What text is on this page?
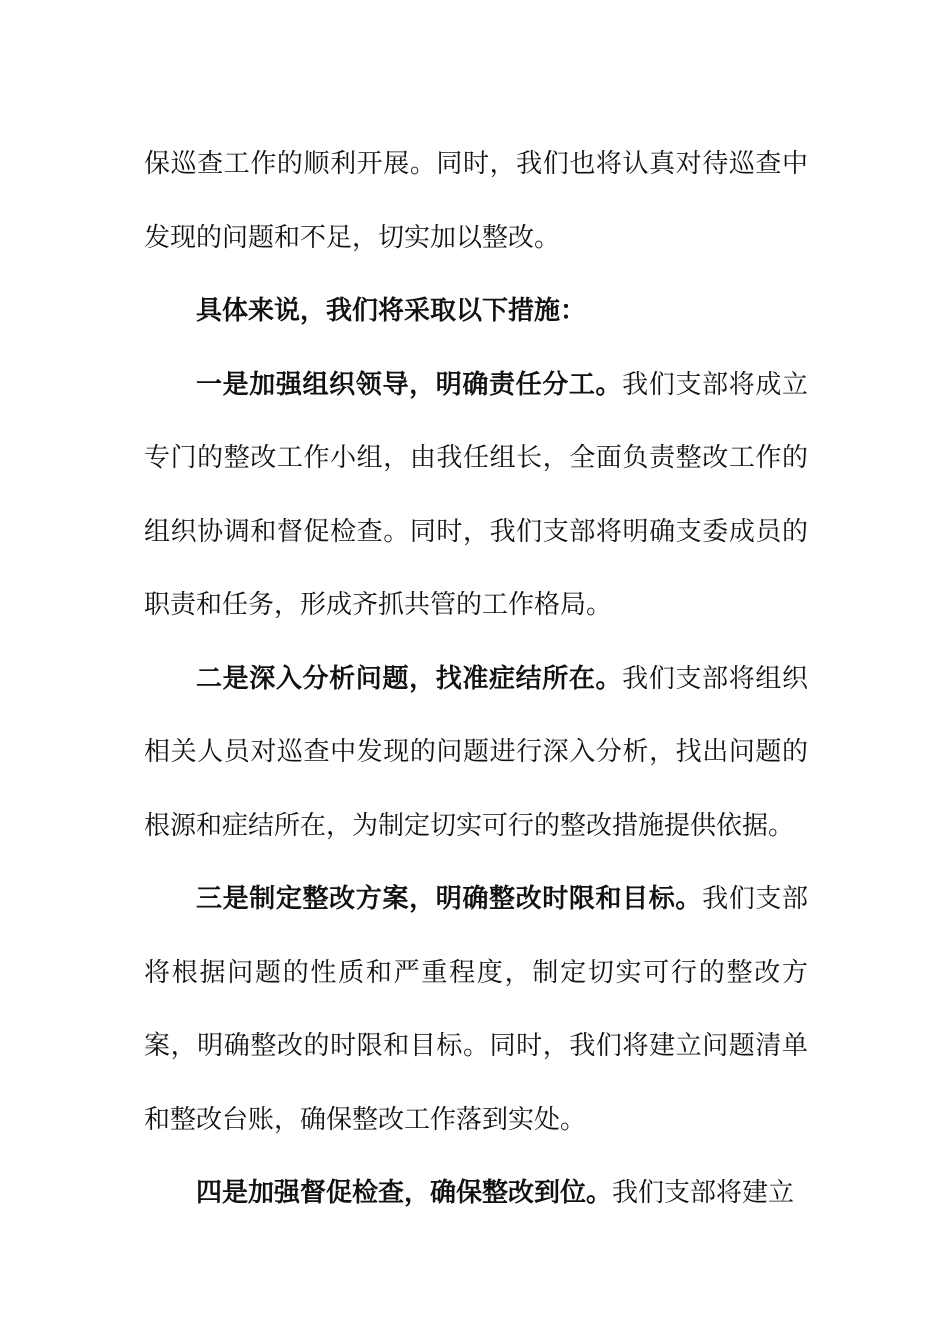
保巡查工作的顺利开展。同时，我们也将认真对待巡查中发现的问题和不足，切实加以整改。

具体来说，我们将采取以下措施：

一是加强组织领导，明确责任分工。我们支部将成立专门的整改工作小组，由我任组长，全面负责整改工作的组织协调和督促检查。同时，我们支部将明确支委成员的职责和任务，形成齐抓共管的工作格局。

二是深入分析问题，找准症结所在。我们支部将组织相关人员对巡查中发现的问题进行深入分析，找出问题的根源和症结所在，为制定切实可行的整改措施提供依据。

三是制定整改方案，明确整改时限和目标。我们支部将根据问题的性质和严重程度，制定切实可行的整改方案，明确整改的时限和目标。同时，我们将建立问题清单和整改台账，确保整改工作落到实处。

四是加强督促检查，确保整改到位。我们支部将建立
